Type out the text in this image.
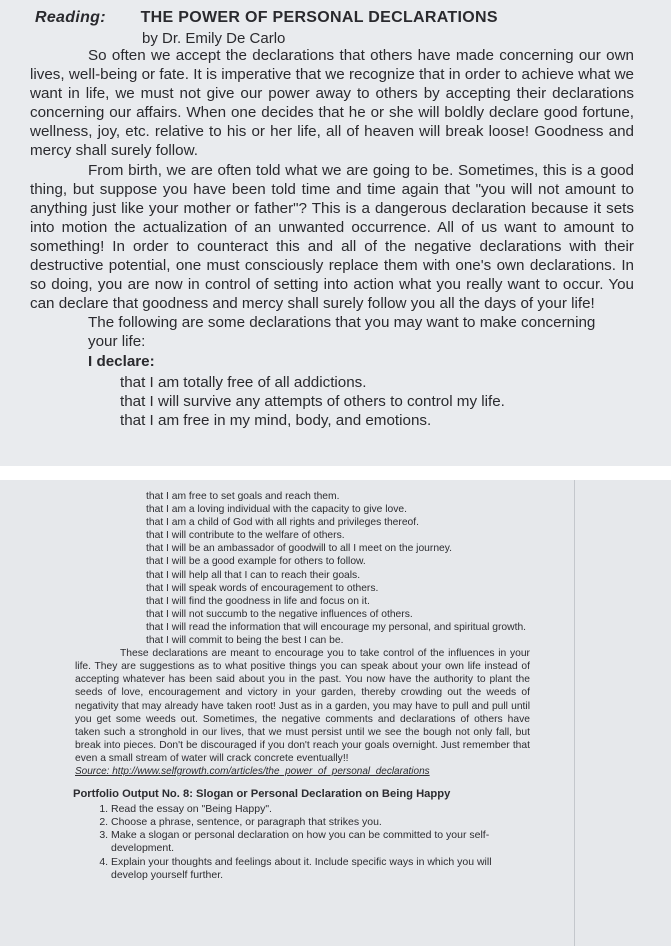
Reading: THE POWER OF PERSONAL DECLARATIONS
by Dr. Emily De Carlo

So often we accept the declarations that others have made concerning our own lives, well-being or fate. It is imperative that we recognize that in order to achieve what we want in life, we must not give our power away to others by accepting their declarations concerning our affairs. When one decides that he or she will boldly declare good fortune, wellness, joy, etc. relative to his or her life, all of heaven will break loose! Goodness and mercy shall surely follow.

From birth, we are often told what we are going to be. Sometimes, this is a good thing, but suppose you have been told time and time again that "you will not amount to anything just like your mother or father"? This is a dangerous declaration because it sets into motion the actualization of an unwanted occurrence. All of us want to amount to something! In order to counteract this and all of the negative declarations with their destructive potential, one must consciously replace them with one's own declarations. In so doing, you are now in control of setting into action what you really want to occur. You can declare that goodness and mercy shall surely follow you all the days of your life!

The following are some declarations that you may want to make concerning

your life:

I declare:

that I am totally free of all addictions.
that I will survive any attempts of others to control my life.
that I am free in my mind, body, and emotions.
that I am free to set goals and reach them.
that I am a loving individual with the capacity to give love.
that I am a child of God with all rights and privileges thereof.
that I will contribute to the welfare of others.
that I will be an ambassador of goodwill to all I meet on the journey.
that I will be a good example for others to follow.
that I will help all that I can to reach their goals.
that I will speak words of encouragement to others.
that I will find the goodness in life and focus on it.
that I will not succumb to the negative influences of others.
that I will read the information that will encourage my personal, and spiritual growth.
that I will commit to being the best I can be.

These declarations are meant to encourage you to take control of the influences in your life. They are suggestions as to what positive things you can speak about your own life instead of accepting whatever has been said about you in the past. You now have the authority to plant the seeds of love, encouragement and victory in your garden, thereby crowding out the weeds of negativity that may already have taken root! Just as in a garden, you may have to pull and pull until you get some weeds out. Sometimes, the negative comments and declarations of others have taken such a stronghold in our lives, that we must persist until we see the bough not only fall, but break into pieces. Don't be discouraged if you don't reach your goals overnight. Just remember that even a small stream of water will crack concrete eventually!!

Source: http://www.selfgrowth.com/articles/the_power_of_personal_declarations

Portfolio Output No. 8: Slogan or Personal Declaration on Being Happy

1. Read the essay on "Being Happy".
2. Choose a phrase, sentence, or paragraph that strikes you.
3. Make a slogan or personal declaration on how you can be committed to your self-development.
4. Explain your thoughts and feelings about it. Include specific ways in which you will develop yourself further.
